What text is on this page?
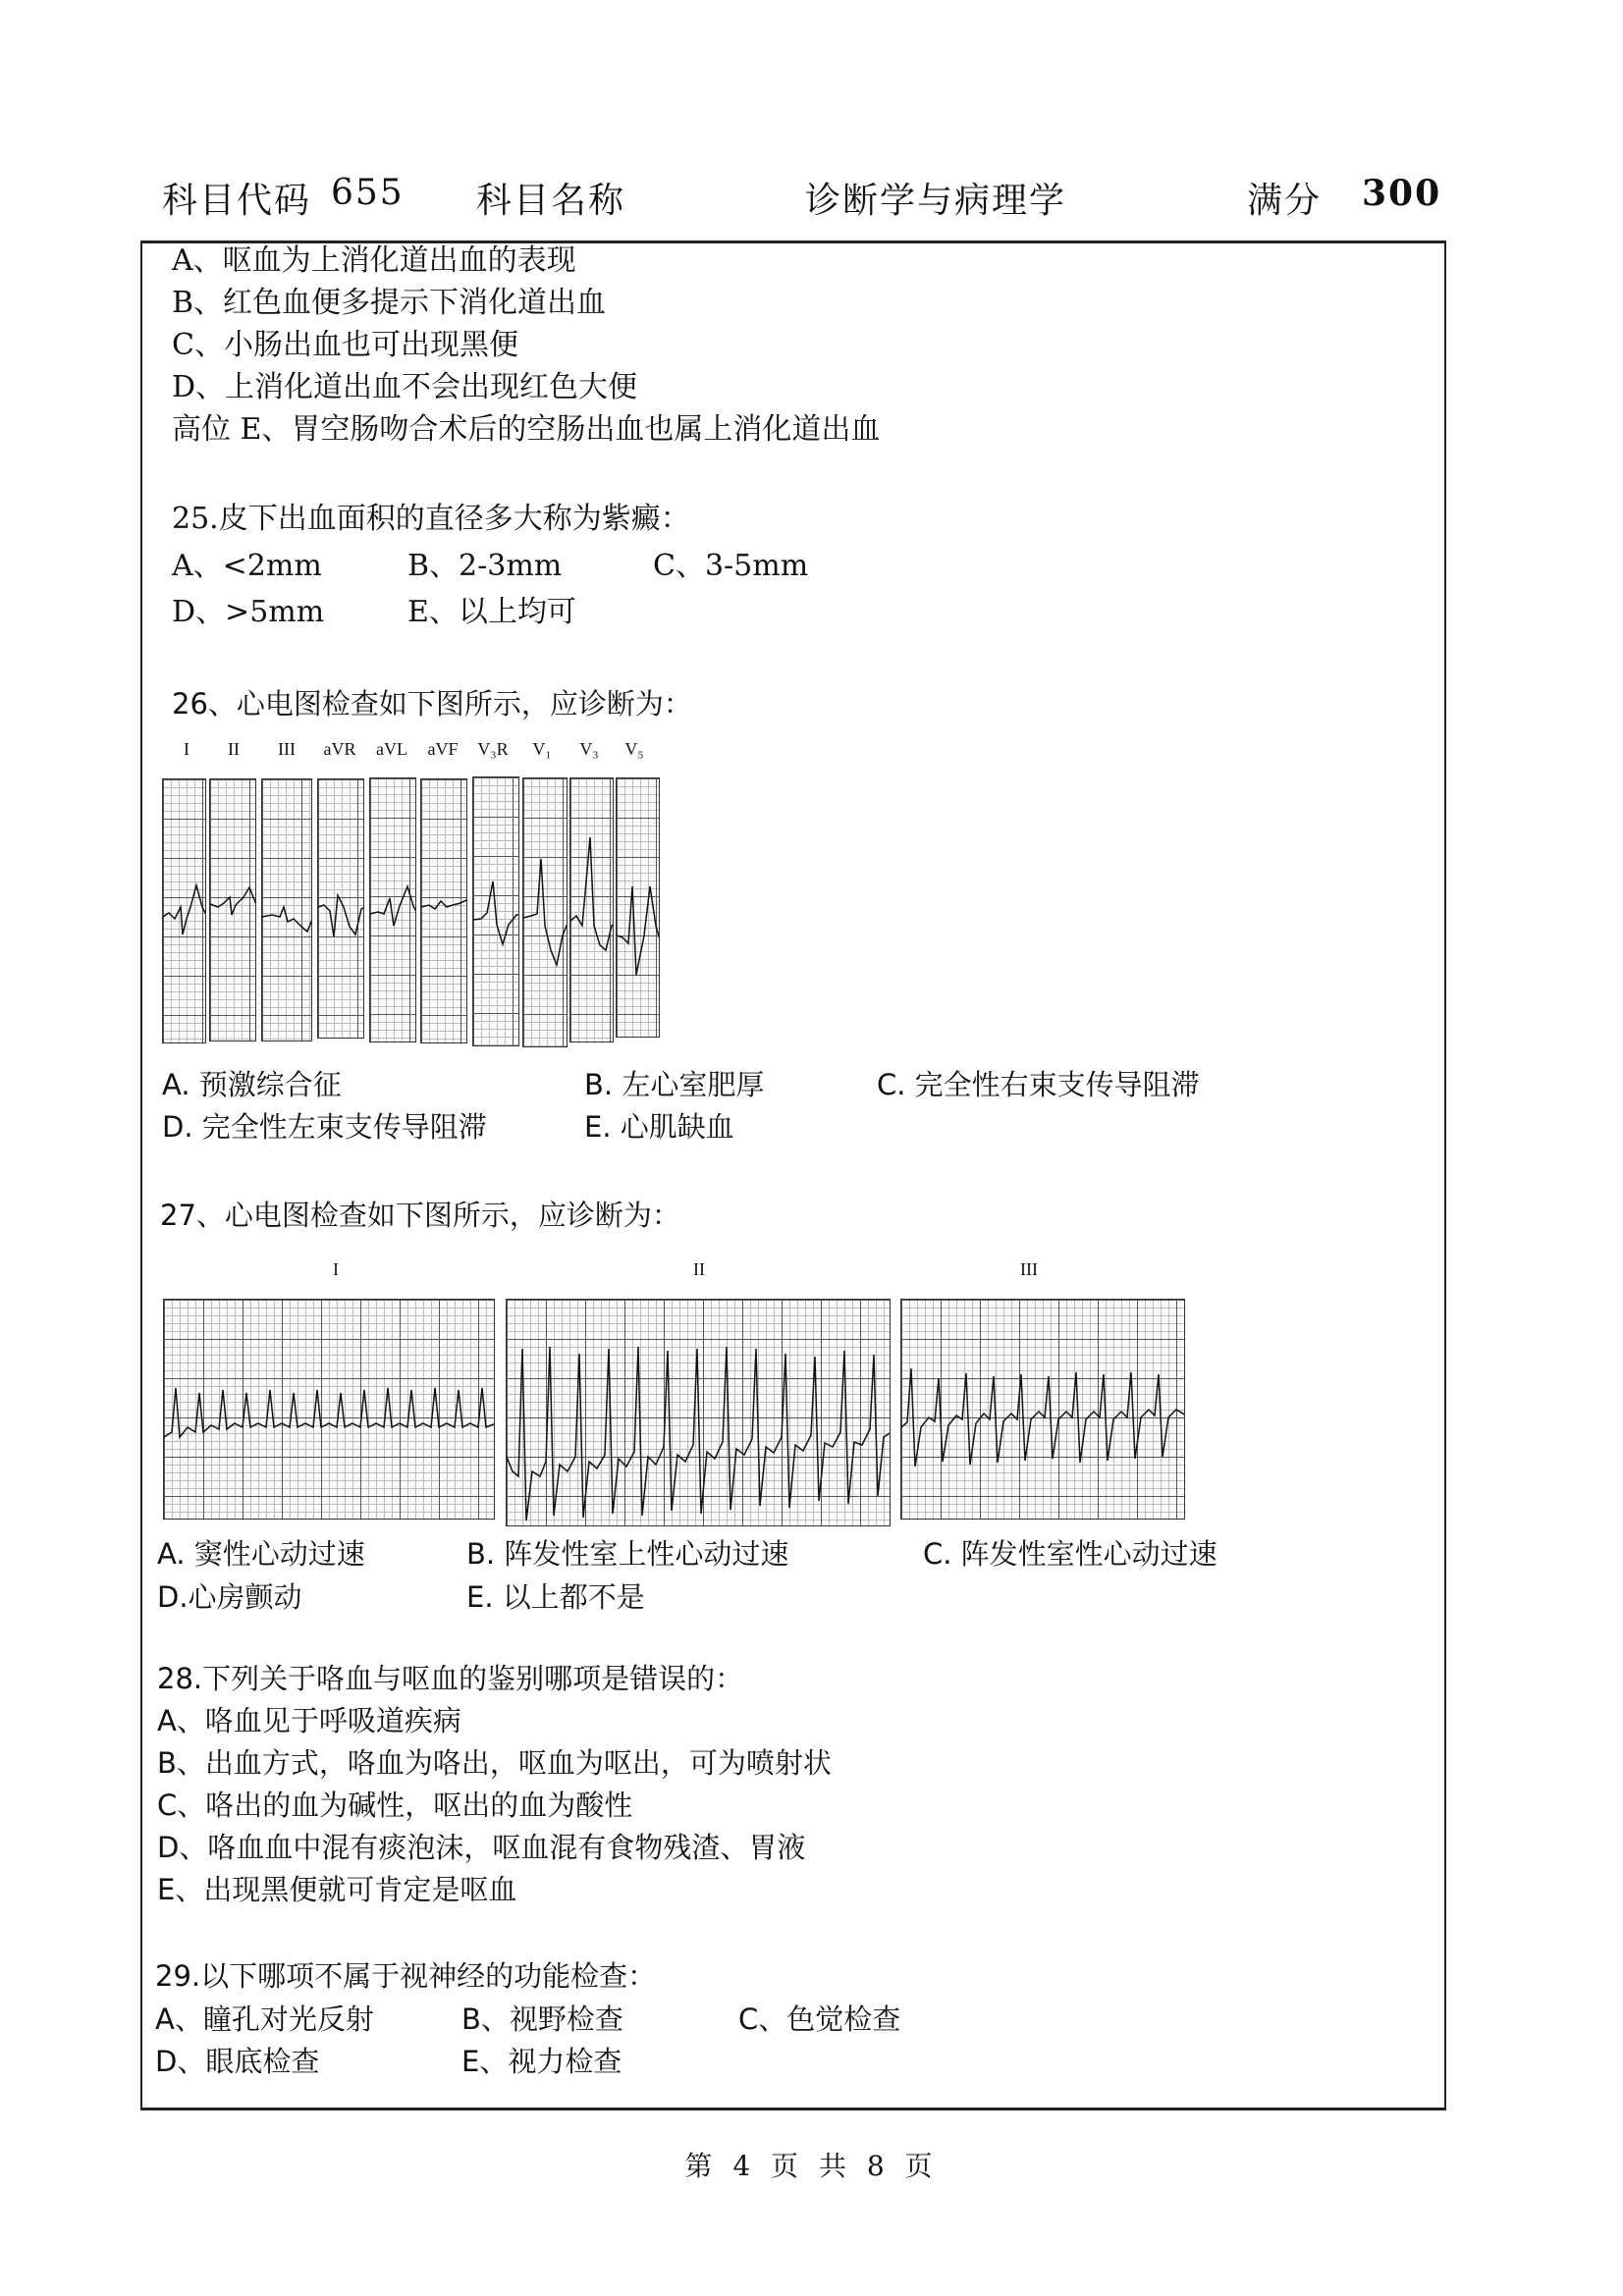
科目代码 655 科目名称	诊断学与病理学	满分 300
A、呕血为上消化道出血的表现
B、红色血便多提示下消化道出血
C、小肠出血也可出现黑便
D、上消化道出血不会出现红色大便
高位 E、胃空肠吻合术后的空肠出血也属上消化道出血
25.皮下出血面积的直径多大称为紫癜：
A、<2mm	B、2-3mm	C、3-5mm
D、>5mm	E、以上均可
26、心电图检查如下图所示，应诊断为：
I	II	III	aVR	aVL	aVF	V₃R	V₁	V₃	V₅
A. 预激综合征	B. 左心室肥厚	C. 完全性右束支传导阻滞
D. 完全性左束支传导阻滞	E. 心肌缺血
27、心电图检查如下图所示，应诊断为：
I	II	III
A. 窦性心动过速	B. 阵发性室上性心动过速	C. 阵发性室性心动过速
D.心房颤动	E. 以上都不是
28.下列关于咯血与呕血的鉴别哪项是错误的：
A、咯血见于呼吸道疾病
B、出血方式，咯血为咯出，呕血为呕出，可为喷射状
C、咯出的血为碱性，呕出的血为酸性
D、咯血血中混有痰泡沫，呕血混有食物残渣、胃液
E、出现黑便就可肯定是呕血
29.以下哪项不属于视神经的功能检查：
A、瞳孔对光反射	B、视野检查	C、色觉检查
D、眼底检查	E、视力检查
第 4 页 共 8 页
